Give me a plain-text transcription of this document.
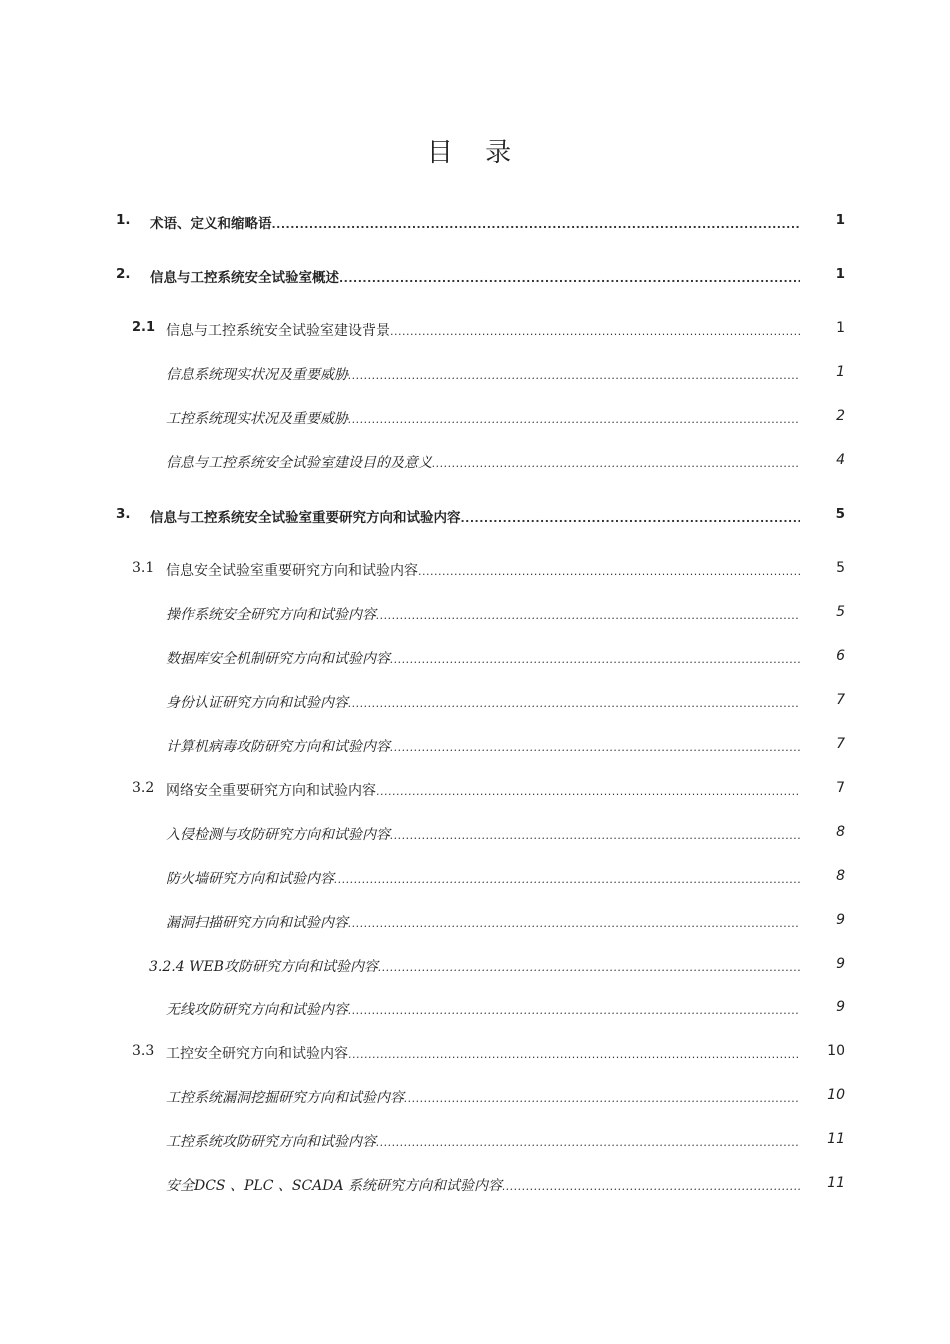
目 录
1. 术语、定义和缩略语 .....	1
2. 信息与工控系统安全试验室概述 .....	1
2.1 信息与工控系统安全试验室建设背景 .....	1
信息系统现实状况及重要威胁 .....	1
工控系统现实状况及重要威胁 .....	2
信息与工控系统安全试验室建设目的及意义 .....	4
3. 信息与工控系统安全试验室重要研究方向和试验内容 .....	5
3.1 信息安全试验室重要研究方向和试验内容 .....	5
操作系统安全研究方向和试验内容 .....	5
数据库安全机制研究方向和试验内容 .....	6
身份认证研究方向和试验内容 .....	7
计算机病毒攻防研究方向和试验内容 .....	7
3.2 网络安全重要研究方向和试验内容 .....	7
入侵检测与攻防研究方向和试验内容 .....	8
防火墙研究方向和试验内容 .....	8
漏洞扫描研究方向和试验内容 .....	9
3.2.4 WEB攻防研究方向和试验内容 .....	9
无线攻防研究方向和试验内容 .....	9
3.3 工控安全研究方向和试验内容 .....	10
工控系统漏洞挖掘研究方向和试验内容 .....	10
工控系统攻防研究方向和试验内容 .....	11
安全DCS 、PLC 、SCADA 系统研究方向和试验内容 .....	11
